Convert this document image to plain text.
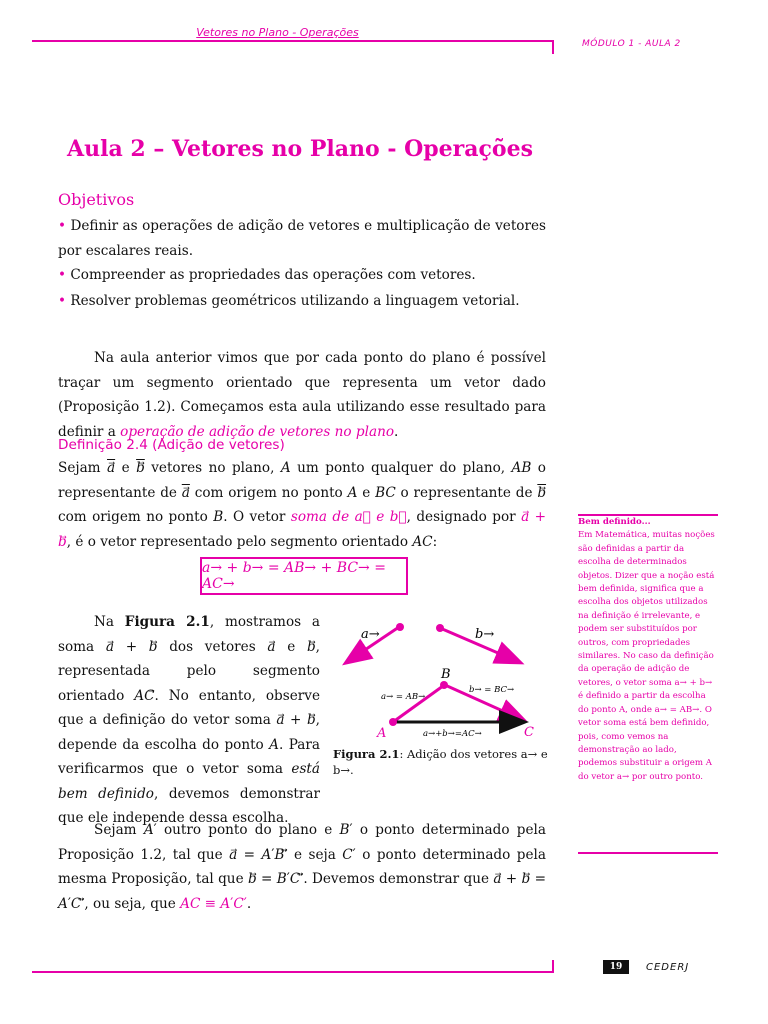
Vetores no Plano - Operações
MÓDULO 1 - AULA 2
Aula 2 – Vetores no Plano - Operações
Objetivos

• Definir as operações de adição de vetores e multiplicação de vetores por escalares reais.

• Compreender as propriedades das operações com vetores.

• Resolver problemas geométricos utilizando a linguagem vetorial.

Na aula anterior vimos que por cada ponto do plano é possível traçar um segmento orientado que representa um vetor dado (Proposição 1.2). Começamos esta aula utilizando esse resultado para definir a operação de adição de vetores no plano.

Definição 2.4 (Adição de vetores)

Sejam $\overline{a}⃗$ e $\overline{b}⃗$ vetores no plano, A um ponto qualquer do plano, AB o representante de $\overline{a}⃗$ com origem no ponto A e BC o representante de $\overline{b}$ com origem no ponto B. O vetor soma de a⃗ e b⃗, designado por a⃗ + b, é o vetor representado pelo segmento orientado AC:

a→ + b→ = AB→ + BC→ = AC→

Na Figura 2.1, mostramos a soma a⃗ + b⃗ dos vetores a⃗ e b⃗, representada pelo segmento orientado AC⃗. No entanto, observe que a definição do vetor soma a⃗ + b⃗, depende da escolha do ponto A. Para verificarmos que o vetor soma está bem definido, devemos demonstrar que ele independe dessa escolha.

a→	b→
A
B
C
a→ = AB→
b→ = BC→
a→+b→=AC→
Figura 2.1: Adição dos vetores a→ e b→.

Sejam A′ outro ponto do plano e B′ o ponto determinado pela Proposição 1.2, tal que a⃗ = A′B′⃗ e seja C′ o ponto determinado pela mesma Proposição, tal que b⃗ = B′C′⃗. Devemos demonstrar que a⃗ + b⃗ = A′C′⃗, ou seja, que AC ≡ A′C′.

Bem definido...
Em Matemática, muitas noções são definidas a partir da escolha de determinados objetos. Dizer que a noção está bem definida, significa que a escolha dos objetos utilizados na definição é irrelevante, e podem ser substituídos por outros, com propriedades similares. No caso da definição da operação de adição de vetores, o vetor soma a→ + b→ é definido a partir da escolha do ponto A, onde a→ = AB→. O vetor soma está bem definido, pois, como vemos na demonstração ao lado, podemos substituir a origem A do vetor a→ por outro ponto.
19	CEDERJ
